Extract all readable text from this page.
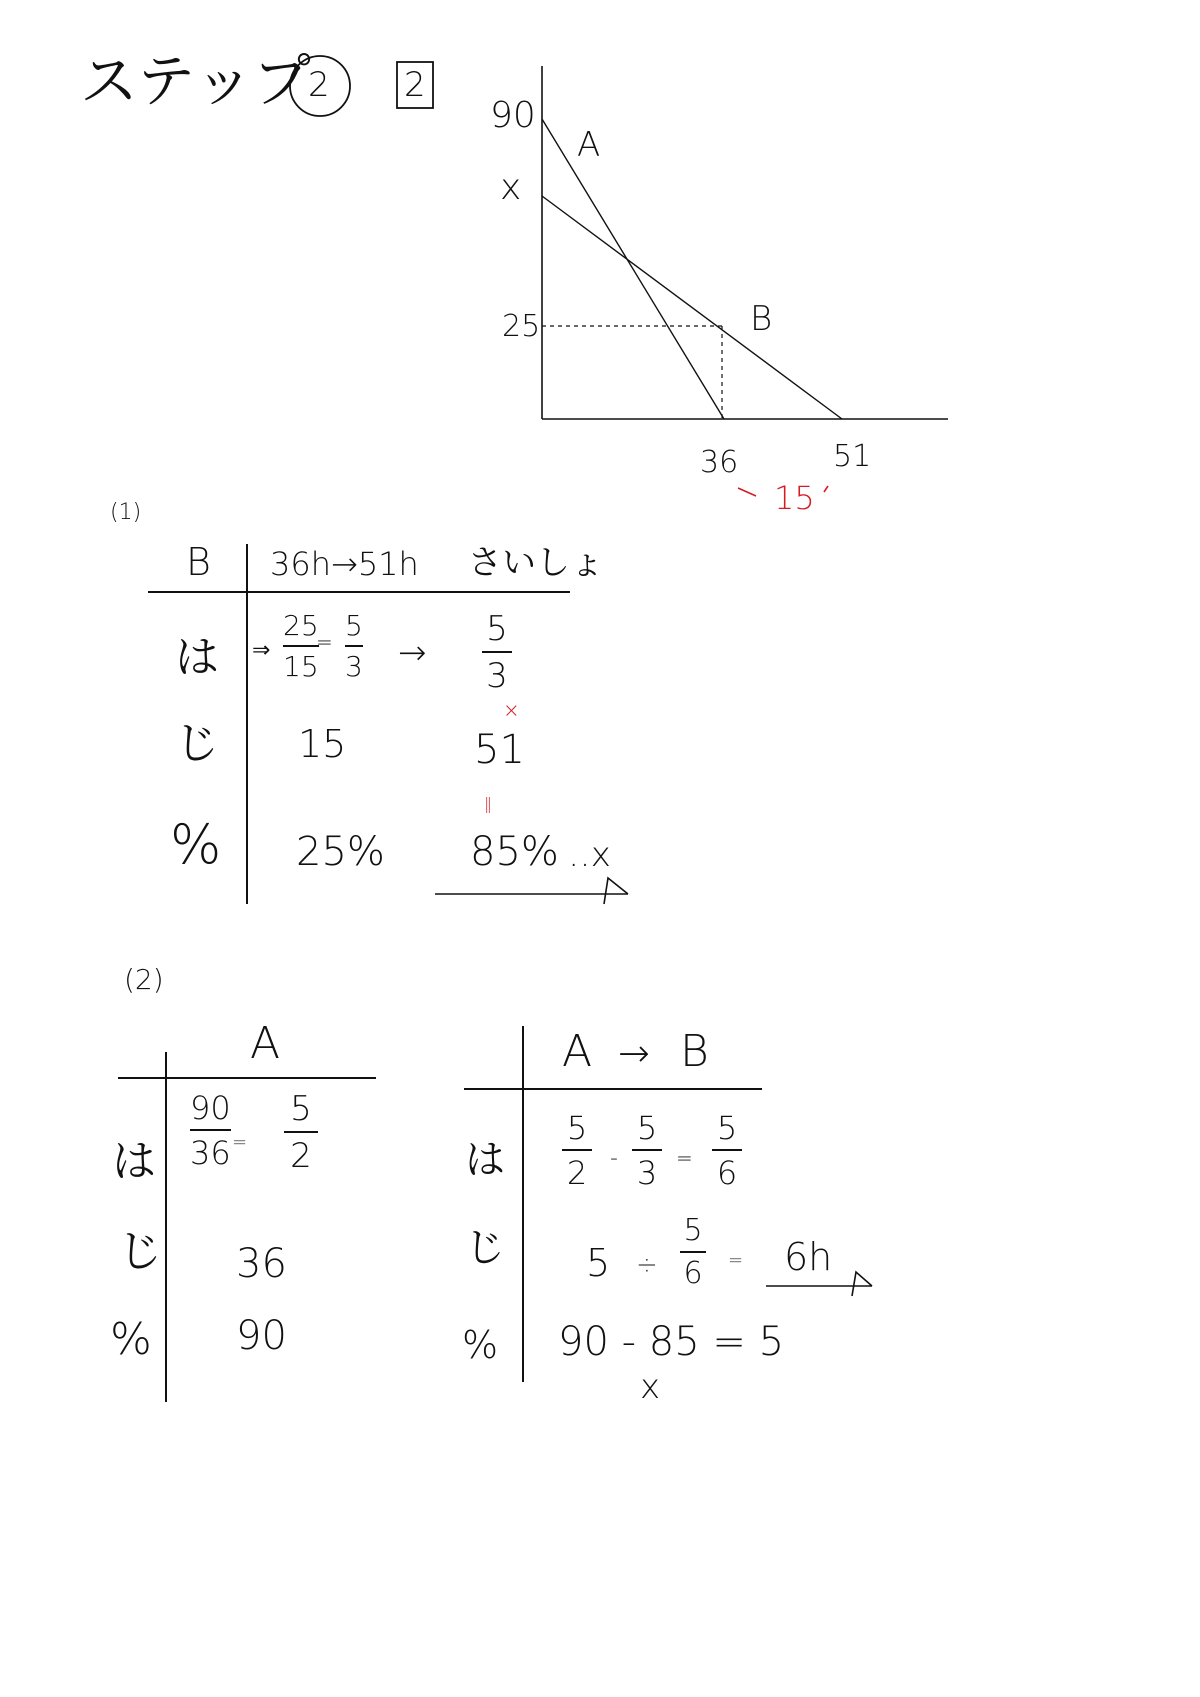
ステップ
2 2
90
x
25
36	51
A
B
15
(1)
B 36h→51h さいしょ
は
じ
%
⇒
25
15
= 5
3 →
5
3
15
×
51
‖
25% 85% ‥x
(2)
A
は
じ
%
90
36 =
5
2
36
90
A → B
は
じ
%
5
2 -
5
3 =
5
6
5 ÷
5
6 = 6h
90 - 85 = 5
x
